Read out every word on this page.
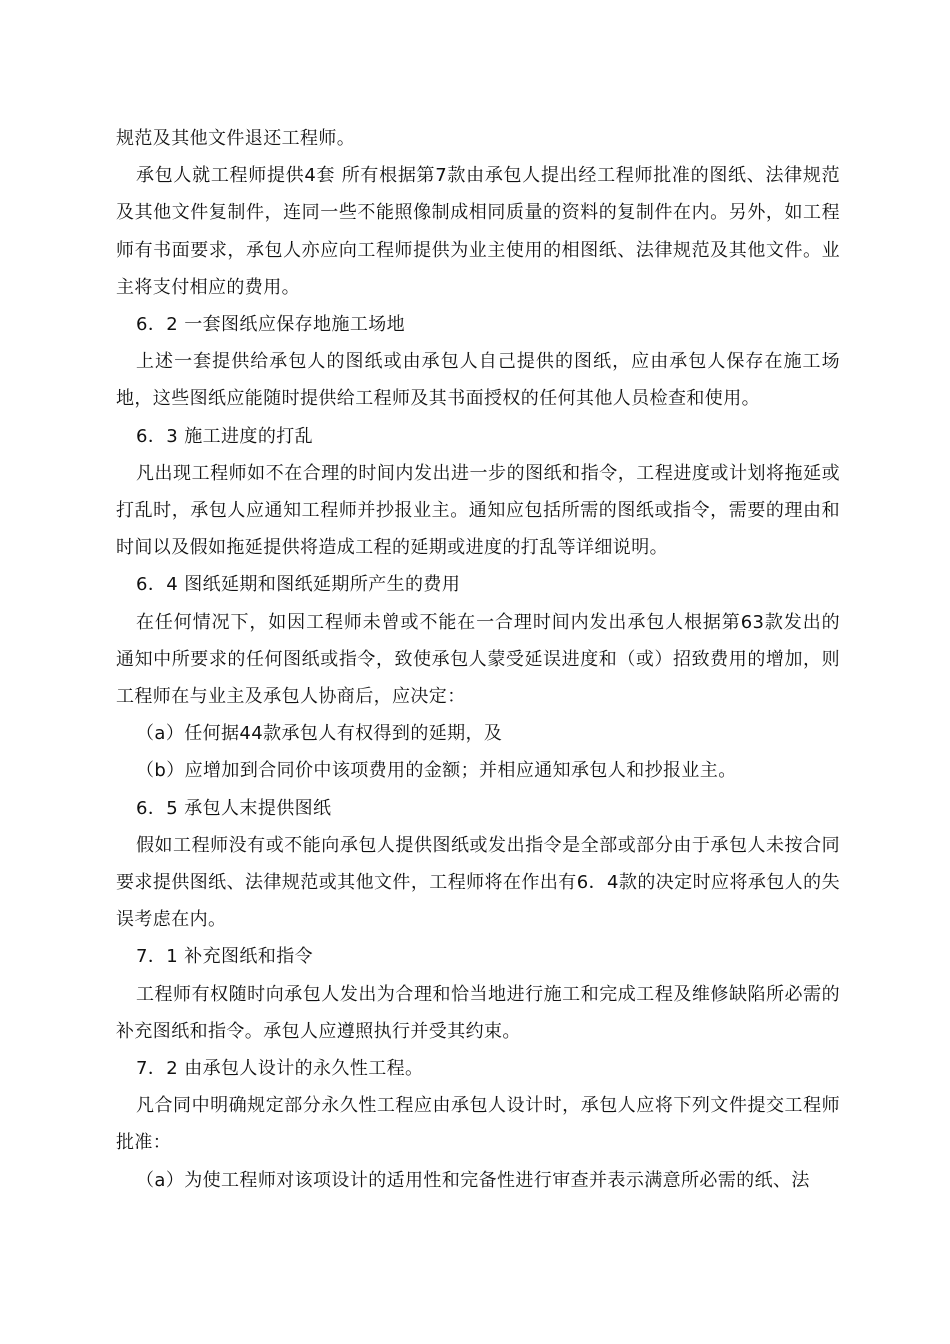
规范及其他文件退还工程师。

承包人就工程师提供4套 所有根据第7款由承包人提出经工程师批准的图纸、法律规范及其他文件复制件，连同一些不能照像制成相同质量的资料的复制件在内。另外，如工程师有书面要求，承包人亦应向工程师提供为业主使用的相图纸、法律规范及其他文件。业主将支付相应的费用。

6．2 一套图纸应保存地施工场地

上述一套提供给承包人的图纸或由承包人自己提供的图纸，应由承包人保存在施工场地，这些图纸应能随时提供给工程师及其书面授权的任何其他人员检查和使用。

6．3 施工进度的打乱

凡出现工程师如不在合理的时间内发出进一步的图纸和指令，工程进度或计划将拖延或打乱时，承包人应通知工程师并抄报业主。通知应包括所需的图纸或指令，需要的理由和时间以及假如拖延提供将造成工程的延期或进度的打乱等详细说明。

6．4 图纸延期和图纸延期所产生的费用

在任何情况下，如因工程师未曾或不能在一合理时间内发出承包人根据第63款发出的通知中所要求的任何图纸或指令，致使承包人蒙受延误进度和（或）招致费用的增加，则工程师在与业主及承包人协商后，应决定：

（a）任何据44款承包人有权得到的延期，及

（b）应增加到合同价中该项费用的金额；并相应通知承包人和抄报业主。

6．5 承包人末提供图纸

假如工程师没有或不能向承包人提供图纸或发出指令是全部或部分由于承包人未按合同要求提供图纸、法律规范或其他文件，工程师将在作出有6．4款的决定时应将承包人的失误考虑在内。

7．1 补充图纸和指令

工程师有权随时向承包人发出为合理和恰当地进行施工和完成工程及维修缺陷所必需的补充图纸和指令。承包人应遵照执行并受其约束。

7．2 由承包人设计的永久性工程。

凡合同中明确规定部分永久性工程应由承包人设计时，承包人应将下列文件提交工程师批准：

（a）为使工程师对该项设计的适用性和完备性进行审查并表示满意所必需的纸、法
